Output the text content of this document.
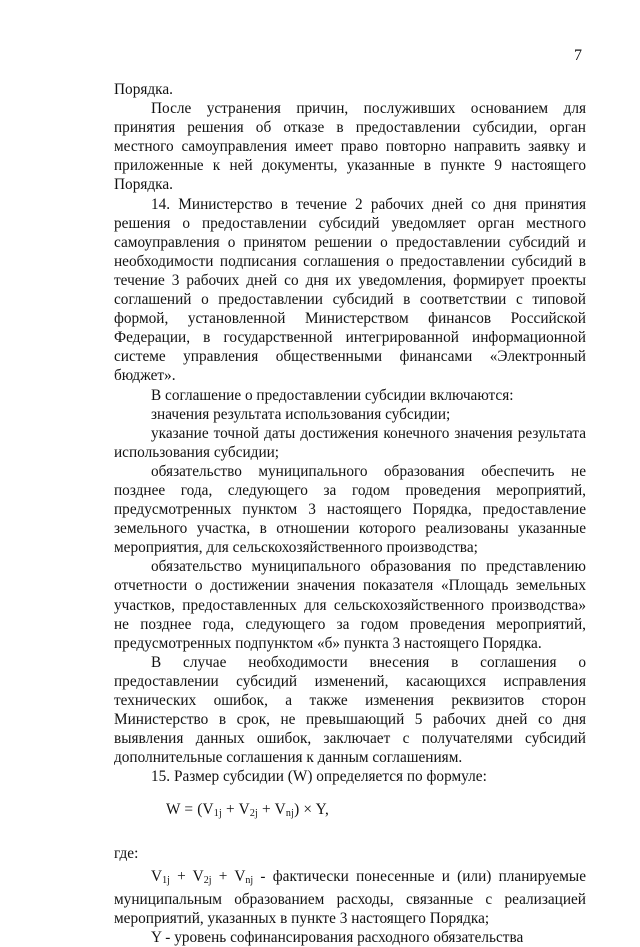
7

Порядка.

После устранения причин, послуживших основанием для принятия решения об отказе в предоставлении субсидии, орган местного самоуправления имеет право повторно направить заявку и приложенные к ней документы, указанные в пункте 9 настоящего Порядка.

14. Министерство в течение 2 рабочих дней со дня принятия решения о предоставлении субсидий уведомляет орган местного самоуправления о принятом решении о предоставлении субсидий и необходимости подписания соглашения о предоставлении субсидий в течение 3 рабочих дней со дня их уведомления, формирует проекты соглашений о предоставлении субсидий в соответствии с типовой формой, установленной Министерством финансов Российской Федерации, в государственной интегрированной информационной системе управления общественными финансами «Электронный бюджет».

В соглашение о предоставлении субсидии включаются:

значения результата использования субсидии;

указание точной даты достижения конечного значения результата использования субсидии;

обязательство муниципального образования обеспечить не позднее года, следующего за годом проведения мероприятий, предусмотренных пунктом 3 настоящего Порядка, предоставление земельного участка, в отношении которого реализованы указанные мероприятия, для сельскохозяйственного производства;

обязательство муниципального образования по представлению отчетности о достижении значения показателя «Площадь земельных участков, предоставленных для сельскохозяйственного производства» не позднее года, следующего за годом проведения мероприятий, предусмотренных подпунктом «б» пункта 3 настоящего Порядка.

В случае необходимости внесения в соглашения о предоставлении субсидий изменений, касающихся исправления технических ошибок, а также изменения реквизитов сторон Министерство в срок, не превышающий 5 рабочих дней со дня выявления данных ошибок, заключает с получателями субсидий дополнительные соглашения к данным соглашениям.

15. Размер субсидии (W) определяется по формуле:

$W = (V_{1j} + V_{2j} + V_{nj}) \times Y$,

где:

$V_{1j} + V_{2j} + V_{nj}$ - фактически понесенные и (или) планируемые муниципальным образованием расходы, связанные с реализацией мероприятий, указанных в пункте 3 настоящего Порядка;

Y - уровень софинансирования расходного обязательства
